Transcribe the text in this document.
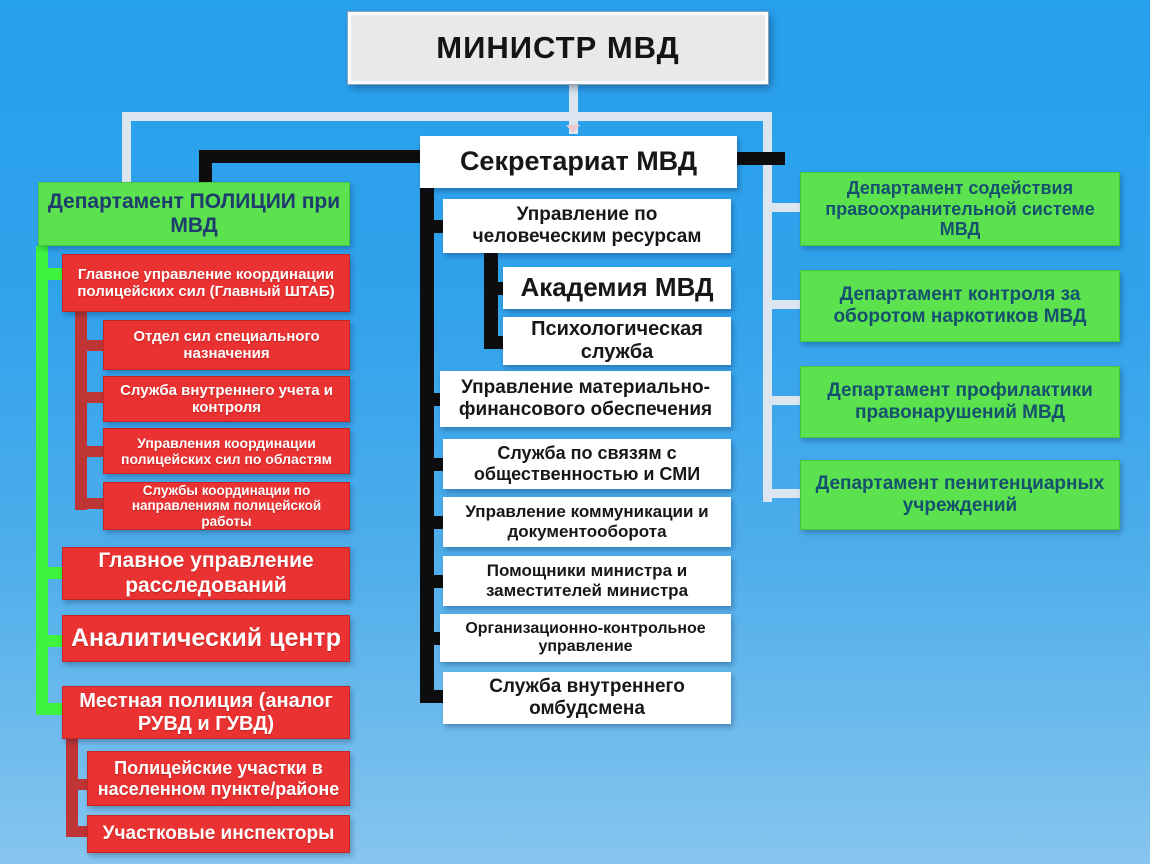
МИНИСТР МВД
Секретариат МВД
Департамент ПОЛИЦИИ при МВД
Главное управление координации полицейских сил (Главный ШТАБ)
Отдел сил специального назначения
Служба внутреннего учета и контроля
Управления координации полицейских сил по областям
Службы координации по направлениям полицейской работы
Главное управление расследований
Аналитический центр
Местная полиция (аналог РУВД и ГУВД)
Полицейские участки в населенном пункте/районе
Участковые инспекторы
Управление по человеческим ресурсам
Академия МВД
Психологическая служба
Управление материально-финансового обеспечения
Служба по связям с общественностью и СМИ
Управление коммуникации и документооборота
Помощники министра и заместителей министра
Организационно-контрольное управление
Служба внутреннего омбудсмена
Департамент содействия правоохранительной системе МВД
Департамент контроля за оборотом наркотиков МВД
Департамент профилактики правонарушений МВД
Департамент пенитенциарных учреждений
